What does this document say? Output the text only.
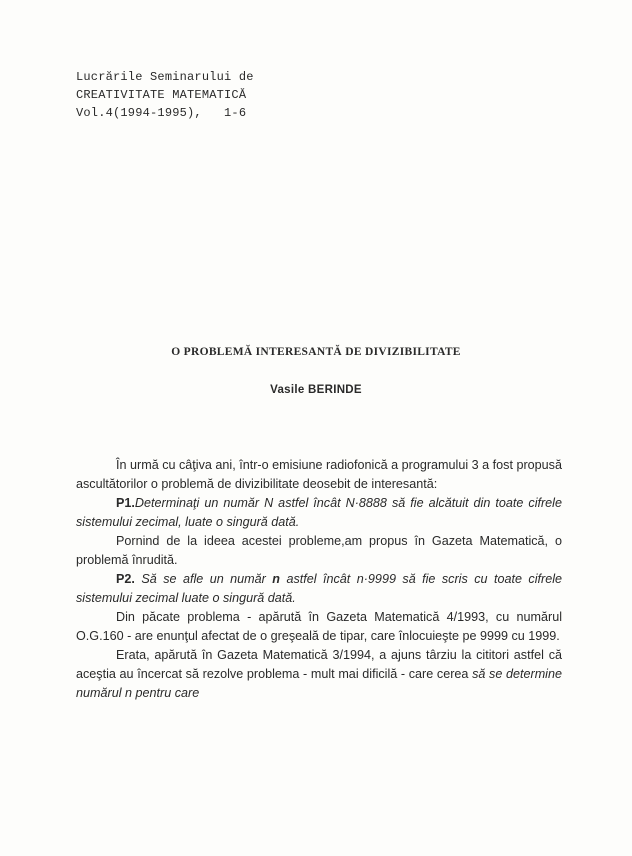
Lucrările Seminarului de
CREATIVITATE MATEMATICĂ
Vol.4(1994-1995),   1-6
O PROBLEMĂ INTERESANTĂ DE DIVIZIBILITATE
Vasile BERINDE

În urmă cu câţiva ani, într-o emisiune radiofonică a programului 3 a fost propusă ascultătorilor o problemă de divizibilitate deosebit de interesantă:

P1.Determinaţi un număr N astfel încât N·8888 să fie alcătuit din toate cifrele sistemului zecimal, luate o singură dată.

Pornind de la ideea acestei probleme,am propus în Gazeta Matematică, o problemă înrudită.

P2. Să se afle un număr n astfel încât n·9999 să fie scris cu toate cifrele sistemului zecimal luate o singură dată.

Din păcate problema - apărută în Gazeta Matematică 4/1993, cu numărul O.G.160 - are enunţul afectat de o greşeală de tipar, care înlocuieşte pe 9999 cu 1999.

Erata, apărută în Gazeta Matematică 3/1994, a ajuns târziu la cititori astfel că aceştia au încercat să rezolve problema - mult mai dificilă - care cerea să se determine numărul n pentru care
